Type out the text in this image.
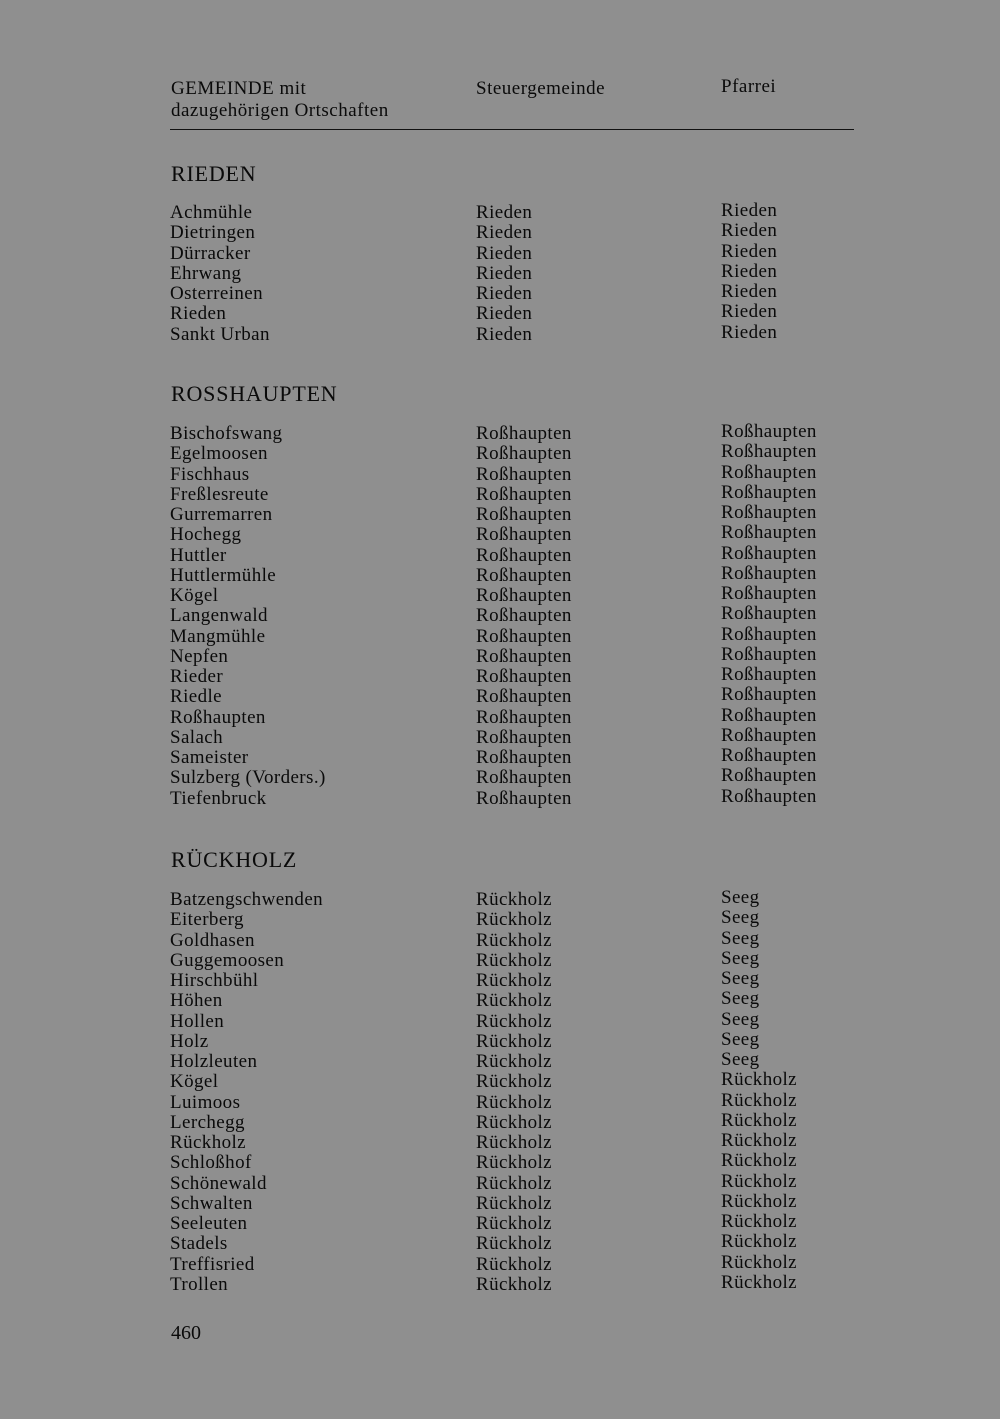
GEMEINDE mit
dazugehörigen Ortschaften
Steuergemeinde	Pfarrei
RIEDEN
Achmühle	Rieden	Rieden
Dietringen	Rieden	Rieden
Dürracker	Rieden	Rieden
Ehrwang	Rieden	Rieden
Osterreinen	Rieden	Rieden
Rieden	Rieden	Rieden
Sankt Urban	Rieden	Rieden
ROSSHAUPTEN
Bischofswang	Roßhaupten	Roßhaupten
Egelmoosen	Roßhaupten	Roßhaupten
Fischhaus	Roßhaupten	Roßhaupten
Freßlesreute	Roßhaupten	Roßhaupten
Gurremarren	Roßhaupten	Roßhaupten
Hochegg	Roßhaupten	Roßhaupten
Huttler	Roßhaupten	Roßhaupten
Huttlermühle	Roßhaupten	Roßhaupten
Kögel	Roßhaupten	Roßhaupten
Langenwald	Roßhaupten	Roßhaupten
Mangmühle	Roßhaupten	Roßhaupten
Nepfen	Roßhaupten	Roßhaupten
Rieder	Roßhaupten	Roßhaupten
Riedle	Roßhaupten	Roßhaupten
Roßhaupten	Roßhaupten	Roßhaupten
Salach	Roßhaupten	Roßhaupten
Sameister	Roßhaupten	Roßhaupten
Sulzberg (Vorders.)	Roßhaupten	Roßhaupten
Tiefenbruck	Roßhaupten	Roßhaupten
RÜCKHOLZ
Batzengschwenden	Rückholz	Seeg
Eiterberg	Rückholz	Seeg
Goldhasen	Rückholz	Seeg
Guggemoosen	Rückholz	Seeg
Hirschbühl	Rückholz	Seeg
Höhen	Rückholz	Seeg
Hollen	Rückholz	Seeg
Holz	Rückholz	Seeg
Holzleuten	Rückholz	Seeg
Kögel	Rückholz	Rückholz
Luimoos	Rückholz	Rückholz
Lerchegg	Rückholz	Rückholz
Rückholz	Rückholz	Rückholz
Schloßhof	Rückholz	Rückholz
Schönewald	Rückholz	Rückholz
Schwalten	Rückholz	Rückholz
Seeleuten	Rückholz	Rückholz
Stadels	Rückholz	Rückholz
Treffisried	Rückholz	Rückholz
Trollen	Rückholz	Rückholz
460
